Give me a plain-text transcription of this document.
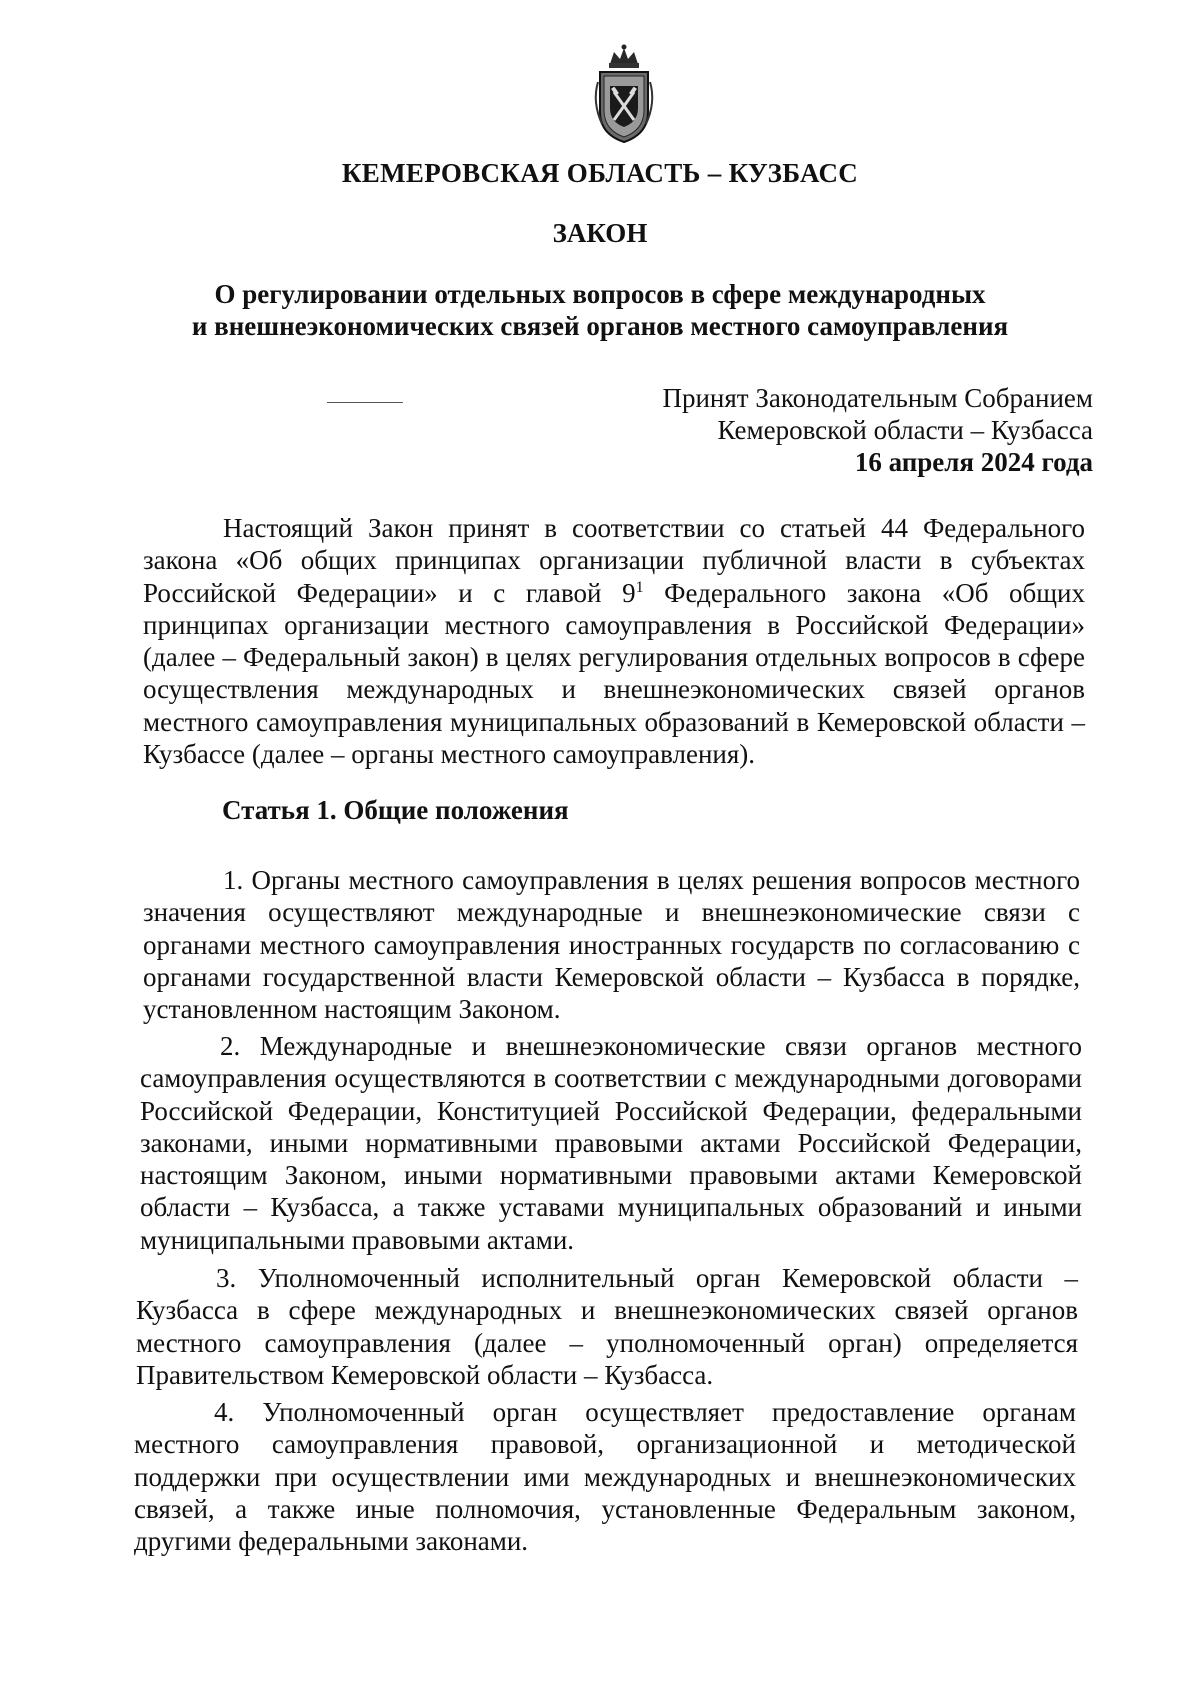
КЕМЕРОВСКАЯ ОБЛАСТЬ – КУЗБАСС
ЗАКОН
О регулировании отдельных вопросов в сфере международных
и внешнеэкономических связей органов местного самоуправления
Принят Законодательным Собранием
Кемеровской области – Кузбасса
16 апреля 2024 года

Настоящий Закон принят в соответствии со статьей 44 Федерального закона «Об общих принципах организации публичной власти в субъектах Российской Федерации» и с главой $9^1$ Федерального закона «Об общих принципах организации местного самоуправления в Российской Федерации» (далее – Федеральный закон) в целях регулирования отдельных вопросов в сфере осуществления международных и внешнеэкономических связей органов местного самоуправления муниципальных образований в Кемеровской области – Кузбассе (далее – органы местного самоуправления).

Статья 1. Общие положения

1. Органы местного самоуправления в целях решения вопросов местного значения осуществляют международные и внешнеэкономические связи с органами местного самоуправления иностранных государств по согласованию с органами государственной власти Кемеровской области – Кузбасса в порядке, установленном настоящим Законом.

2. Международные и внешнеэкономические связи органов местного самоуправления осуществляются в соответствии с международными договорами Российской Федерации, Конституцией Российской Федерации, федеральными законами, иными нормативными правовыми актами Российской Федерации, настоящим Законом, иными нормативными правовыми актами Кемеровской области – Кузбасса, а также уставами муниципальных образований и иными муниципальными правовыми актами.

3. Уполномоченный исполнительный орган Кемеровской области – Кузбасса в сфере международных и внешнеэкономических связей органов местного самоуправления (далее – уполномоченный орган) определяется Правительством Кемеровской области – Кузбасса.

4. Уполномоченный орган осуществляет предоставление органам местного самоуправления правовой, организационной и методической поддержки при осуществлении ими международных и внешнеэкономических связей, а также иные полномочия, установленные Федеральным законом, другими федеральными законами.
